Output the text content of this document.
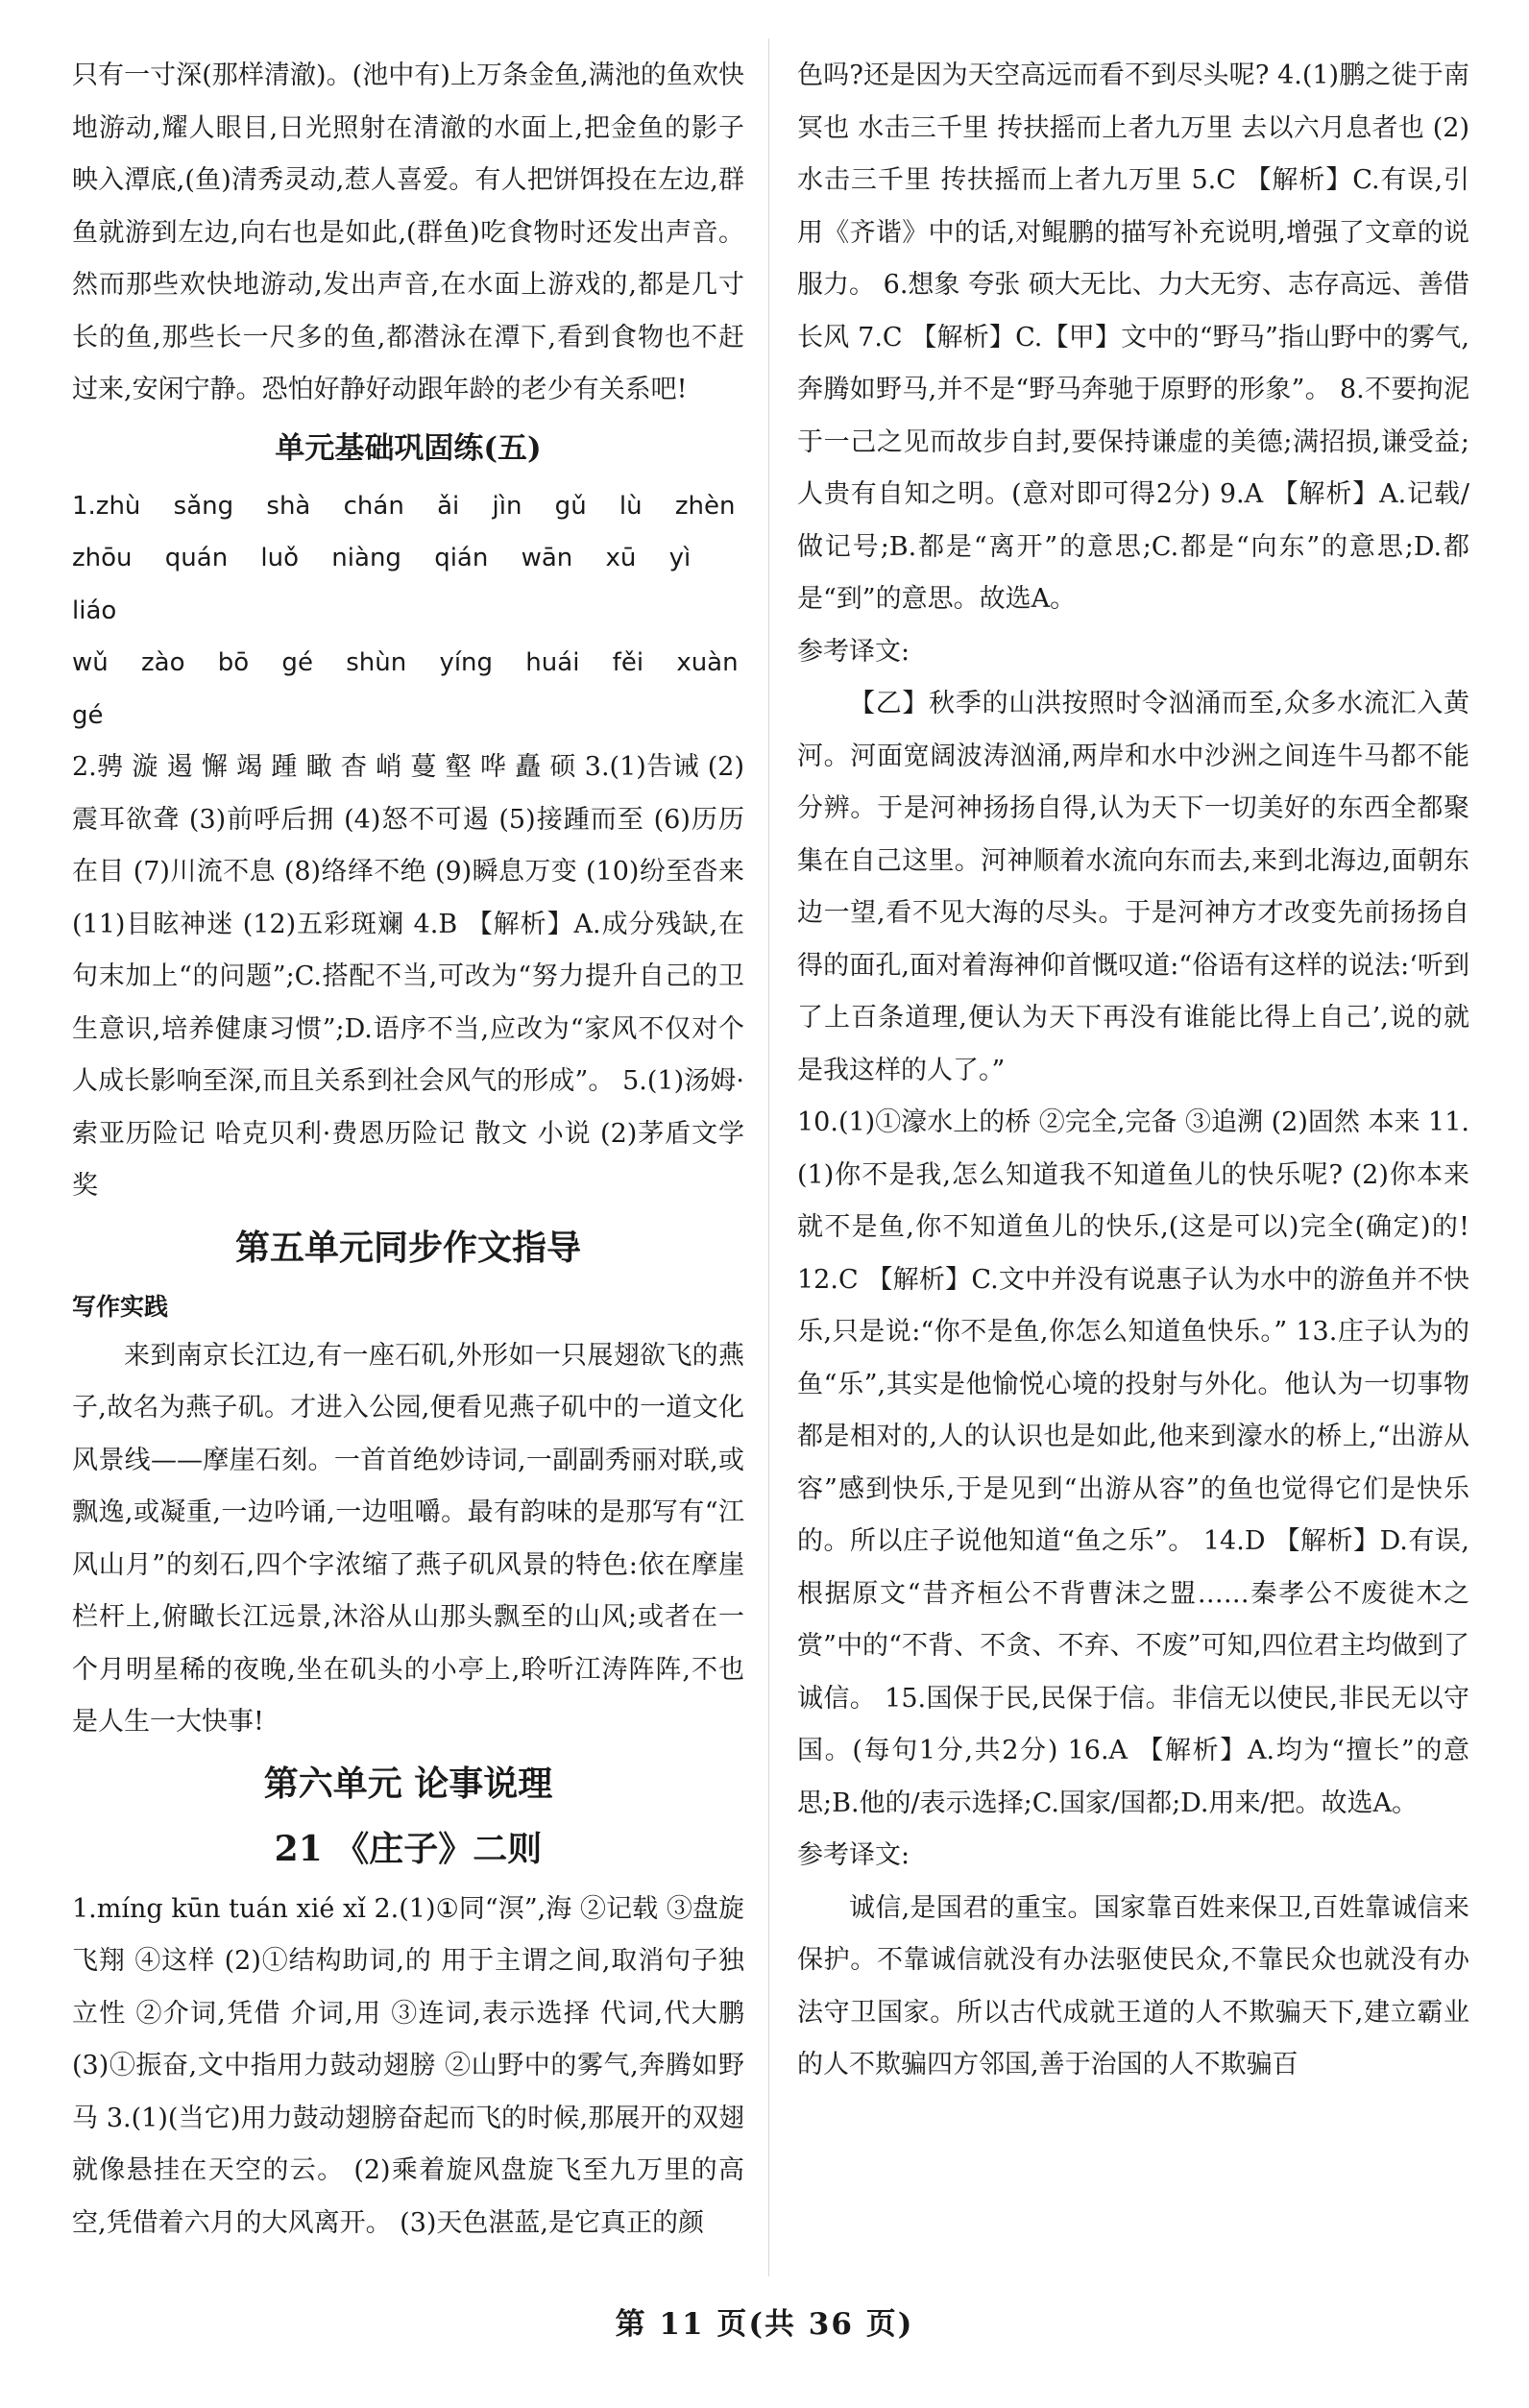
只有一寸深(那样清澈)。(池中有)上万条金鱼,满池的鱼欢快地游动,耀人眼目,日光照射在清澈的水面上,把金鱼的影子映入潭底,(鱼)清秀灵动,惹人喜爱。有人把饼饵投在左边,群鱼就游到左边,向右也是如此,(群鱼)吃食物时还发出声音。然而那些欢快地游动,发出声音,在水面上游戏的,都是几寸长的鱼,那些长一尺多的鱼,都潜泳在潭下,看到食物也不赶过来,安闲宁静。恐怕好静好动跟年龄的老少有关系吧!
单元基础巩固练(五)
1.zhù sǎng shà chán ǎi jìn gǔ lù zhèn
zhōu quán luǒ niàng qián wān xū yì liáo
wǔ zào bō gé shùn yíng huái fěi xuàn gé
2.骋 漩 遏 懈 竭 踵 瞰 杳 峭 蔓 壑 哗 矗 硕 3.(1)告诫 (2)震耳欲聋 (3)前呼后拥 (4)怒不可遏 (5)接踵而至 (6)历历在目 (7)川流不息 (8)络绎不绝 (9)瞬息万变 (10)纷至沓来 (11)目眩神迷 (12)五彩斑斓 4.B 【解析】A.成分残缺,在句末加上“的问题”;C.搭配不当,可改为“努力提升自己的卫生意识,培养健康习惯”;D.语序不当,应改为“家风不仅对个人成长影响至深,而且关系到社会风气的形成”。 5.(1)汤姆·索亚历险记 哈克贝利·费恩历险记 散文 小说 (2)茅盾文学奖
第五单元同步作文指导
写作实践
来到南京长江边,有一座石矶,外形如一只展翅欲飞的燕子,故名为燕子矶。才进入公园,便看见燕子矶中的一道文化风景线——摩崖石刻。一首首绝妙诗词,一副副秀丽对联,或飘逸,或凝重,一边吟诵,一边咀嚼。最有韵味的是那写有“江风山月”的刻石,四个字浓缩了燕子矶风景的特色:依在摩崖栏杆上,俯瞰长江远景,沐浴从山那头飘至的山风;或者在一个月明星稀的夜晚,坐在矶头的小亭上,聆听江涛阵阵,不也是人生一大快事!
第六单元 论事说理
21 《庄子》二则
1.míng kūn tuán xié xǐ 2.(1)①同“溟”,海 ②记载 ③盘旋飞翔 ④这样 (2)①结构助词,的 用于主谓之间,取消句子独立性 ②介词,凭借 介词,用 ③连词,表示选择 代词,代大鹏 (3)①振奋,文中指用力鼓动翅膀 ②山野中的雾气,奔腾如野马 3.(1)(当它)用力鼓动翅膀奋起而飞的时候,那展开的双翅就像悬挂在天空的云。 (2)乘着旋风盘旋飞至九万里的高空,凭借着六月的大风离开。 (3)天色湛蓝,是它真正的颜
色吗?还是因为天空高远而看不到尽头呢? 4.(1)鹏之徙于南冥也 水击三千里 抟扶摇而上者九万里 去以六月息者也 (2)水击三千里 抟扶摇而上者九万里 5.C 【解析】C.有误,引用《齐谐》中的话,对鲲鹏的描写补充说明,增强了文章的说服力。 6.想象 夸张 硕大无比、力大无穷、志存高远、善借长风 7.C 【解析】C.【甲】文中的“野马”指山野中的雾气,奔腾如野马,并不是“野马奔驰于原野的形象”。 8.不要拘泥于一己之见而故步自封,要保持谦虚的美德;满招损,谦受益;人贵有自知之明。(意对即可得2分) 9.A 【解析】A.记载/做记号;B.都是“离开”的意思;C.都是“向东”的意思;D.都是“到”的意思。故选A。
参考译文:
【乙】秋季的山洪按照时令汹涌而至,众多水流汇入黄河。河面宽阔波涛汹涌,两岸和水中沙洲之间连牛马都不能分辨。于是河神扬扬自得,认为天下一切美好的东西全都聚集在自己这里。河神顺着水流向东而去,来到北海边,面朝东边一望,看不见大海的尽头。于是河神方才改变先前扬扬自得的面孔,面对着海神仰首慨叹道:“俗语有这样的说法:‘听到了上百条道理,便认为天下再没有谁能比得上自己’,说的就是我这样的人了。”
10.(1)①濠水上的桥 ②完全,完备 ③追溯 (2)固然 本来 11.(1)你不是我,怎么知道我不知道鱼儿的快乐呢? (2)你本来就不是鱼,你不知道鱼儿的快乐,(这是可以)完全(确定)的! 12.C 【解析】C.文中并没有说惠子认为水中的游鱼并不快乐,只是说:“你不是鱼,你怎么知道鱼快乐。” 13.庄子认为的鱼“乐”,其实是他愉悦心境的投射与外化。他认为一切事物都是相对的,人的认识也是如此,他来到濠水的桥上,“出游从容”感到快乐,于是见到“出游从容”的鱼也觉得它们是快乐的。所以庄子说他知道“鱼之乐”。 14.D 【解析】D.有误,根据原文“昔齐桓公不背曹沫之盟……秦孝公不废徙木之赏”中的“不背、不贪、不弃、不废”可知,四位君主均做到了诚信。 15.国保于民,民保于信。非信无以使民,非民无以守国。(每句1分,共2分) 16.A 【解析】A.均为“擅长”的意思;B.他的/表示选择;C.国家/国都;D.用来/把。故选A。
参考译文:
诚信,是国君的重宝。国家靠百姓来保卫,百姓靠诚信来保护。不靠诚信就没有办法驱使民众,不靠民众也就没有办法守卫国家。所以古代成就王道的人不欺骗天下,建立霸业的人不欺骗四方邻国,善于治国的人不欺骗百
第 11 页(共 36 页)
